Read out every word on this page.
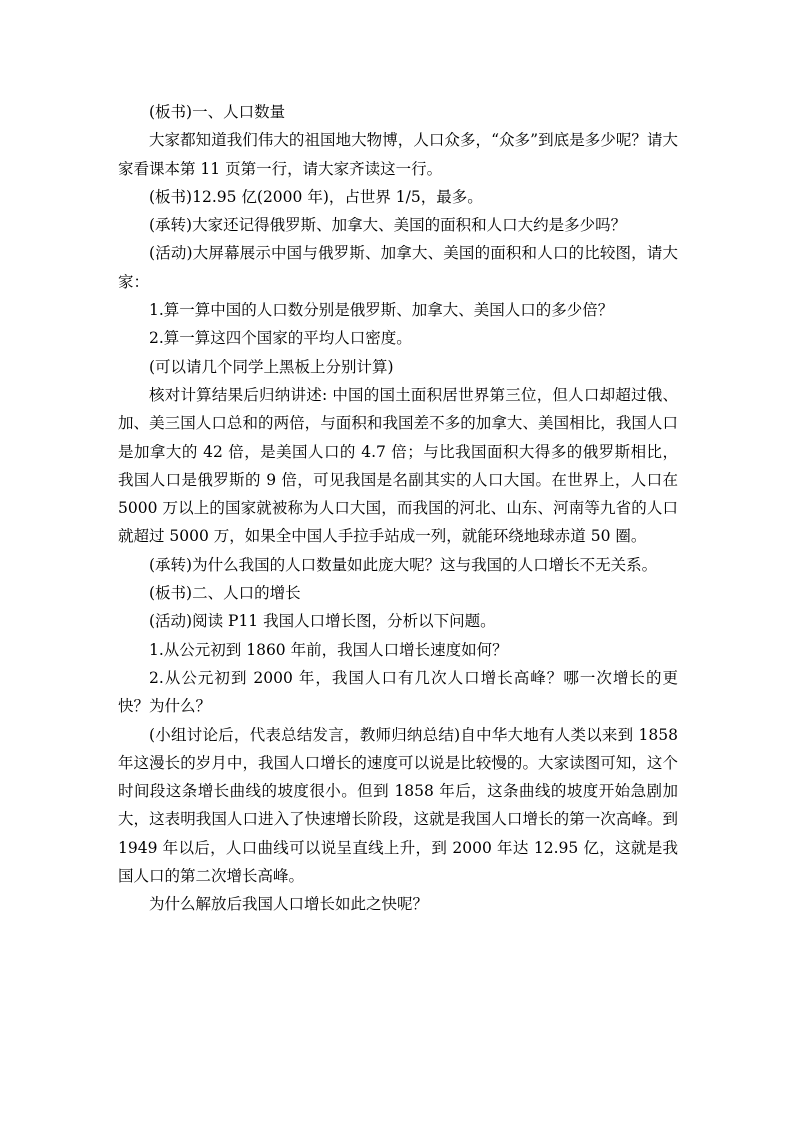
(板书)一、人口数量

大家都知道我们伟大的祖国地大物博，人口众多，“众多”到底是多少呢？请大家看课本第 11 页第一行，请大家齐读这一行。

(板书)12.95 亿(2000 年)，占世界 1/5，最多。

(承转)大家还记得俄罗斯、加拿大、美国的面积和人口大约是多少吗？

(活动)大屏幕展示中国与俄罗斯、加拿大、美国的面积和人口的比较图，请大家：

1.算一算中国的人口数分别是俄罗斯、加拿大、美国人口的多少倍？

2.算一算这四个国家的平均人口密度。

(可以请几个同学上黑板上分别计算)

核对计算结果后归纳讲述: 中国的国土面积居世界第三位，但人口却超过俄、加、美三国人口总和的两倍，与面积和我国差不多的加拿大、美国相比，我国人口是加拿大的 42 倍，是美国人口的 4.7 倍；与比我国面积大得多的俄罗斯相比，我国人口是俄罗斯的 9 倍，可见我国是名副其实的人口大国。在世界上，人口在 5000 万以上的国家就被称为人口大国，而我国的河北、山东、河南等九省的人口就超过 5000 万，如果全中国人手拉手站成一列，就能环绕地球赤道 50 圈。

(承转)为什么我国的人口数量如此庞大呢？这与我国的人口增长不无关系。

(板书)二、人口的增长

(活动)阅读 P11 我国人口增长图，分析以下问题。

1.从公元初到 1860 年前，我国人口增长速度如何？

2.从公元初到 2000 年，我国人口有几次人口增长高峰？哪一次增长的更快？为什么？

(小组讨论后，代表总结发言，教师归纳总结)自中华大地有人类以来到 1858 年这漫长的岁月中，我国人口增长的速度可以说是比较慢的。大家读图可知，这个时间段这条增长曲线的坡度很小。但到 1858 年后，这条曲线的坡度开始急剧加大，这表明我国人口进入了快速增长阶段，这就是我国人口增长的第一次高峰。到 1949 年以后，人口曲线可以说呈直线上升，到 2000 年达 12.95 亿，这就是我国人口的第二次增长高峰。

为什么解放后我国人口增长如此之快呢？
